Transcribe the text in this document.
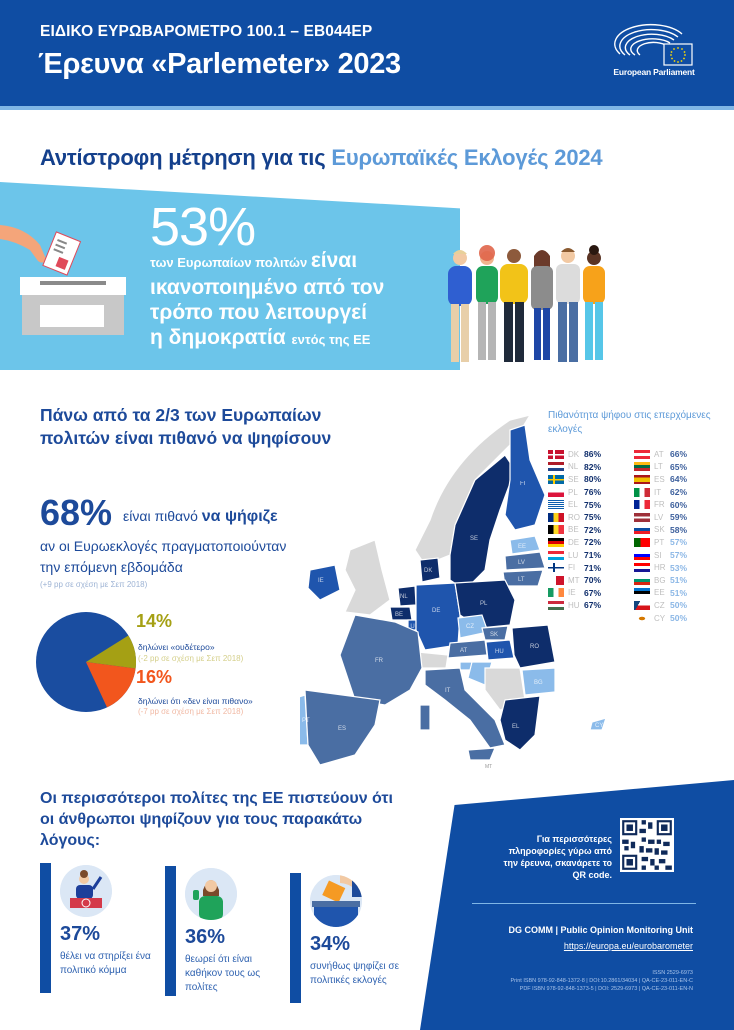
ΕΙΔΙΚΟ ΕΥΡΩΒΑΡΟΜΕΤΡΟ 100.1 – EB044EP
Έρευνα «Parlemeter» 2023	European Parliament
Αντίστροφη μέτρηση για τις Ευρωπαϊκές Εκλογές 2024
53%
των Ευρωπαίων πολιτών είναι
ικανοποιημένο από τον
τρόπο που λειτουργεί
η δημοκρατία εντός της ΕΕ
Πάνω από τα 2/3 των Ευρωπαίων πολιτών είναι πιθανό να ψηφίσουν
68% είναι πιθανό να ψήφιζε
αν οι Ευρωεκλογές πραγματοποιούνταν
την επόμενη εβδομάδα
(+9 pp σε σχέση με Σεπ 2018)
14%
δηλώνει «ουδέτερο»
(-2 pp σε σχέση με Σεπ 2018)
16%
δηλώνει ότι «δεν είναι πιθανο»
(-7 pp σε σχέση με Σεπ 2018)
FI
SE
EE
LV
LT
DK
IE
NL
BE
LU
DE
PL
CZ
SK
AT	HU
RO
FR
IT
BG
PT
ES	EL	CY
MT
Πιθανότητα ψήφου στις επερχόμενες εκλογές
DK 86%
NL 82%
SE 80%
PL 76%
EL 75%
RO 75%
BE 72%
DE 72%
LU 71%
FI	71%
MT 70%
IE 67%
HU 67%
AT 66%
LT 65%
ES 64%
IT	62%
FR 60%
LV 59%
SK 58%
PT 57%
SI 57%
HR 53%
BG 51%
EE 51%
CZ 50%
CY 50%
Οι περισσότεροι πολίτες της ΕΕ πιστεύουν ότι οι άνθρωποι ψηφίζουν για τους παρακάτω λόγους:
37%
θέλει να στηρίξει ένα πολιτικό κόμμα
36%
θεωρεί ότι είναι καθήκον τους ως πολίτες
34%
συνήθως ψηφίζει σε πολιτικές εκλογές
Για περισσότερες πληροφορίες γύρω από την έρευνα, σκανάρετε το QR code.
DG COMM | Public Opinion Monitoring Unit
https://europa.eu/eurobarometer
ISSN 2529-6973
Print ISBN 978-92-848-1372-8 | DOI:10.2861/34034 | QA-CE-23-011-EN-C
PDF ISBN 978-92-848-1373-5 | DOI: 2529-6973 | QA-CE-23-011-EN-N
